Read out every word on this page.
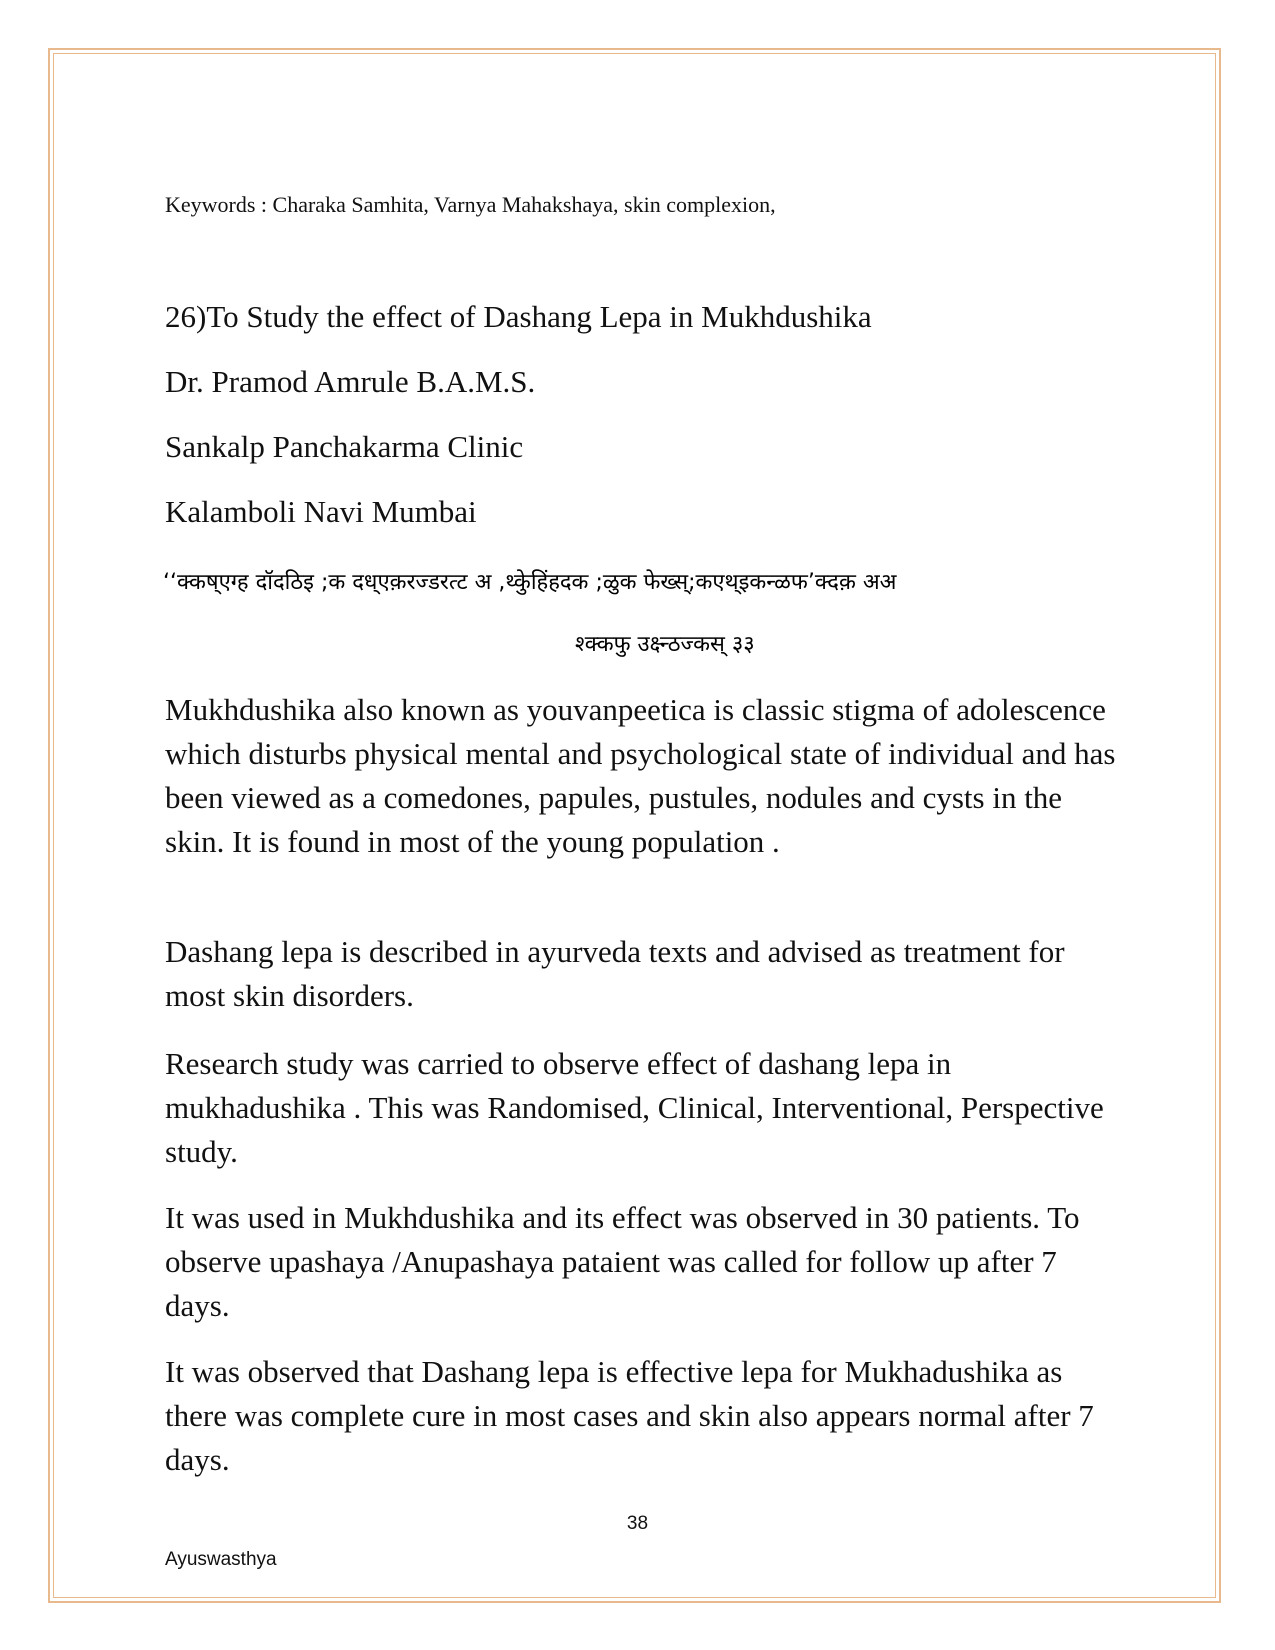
Keywords : Charaka Samhita, Varnya Mahakshaya, skin complexion,
26)To Study the effect of Dashang Lepa in Mukhdushika
Dr. Pramod Amrule B.A.M.S.
Sankalp Panchakarma Clinic
Kalamboli Navi Mumbai
‘‘क्कष्एग्ह दॉदठिइ ;क दध्एक़रज्डरत्ट अ ,थ्केुहिंहदक ;ळुक फेख्स्;कएथ्इकन्ळफ’क्दक़ अअ
श्क्कफु उक्ष्न्ठज्कस् ३३

Mukhdushika also known as youvanpeetica is classic stigma of adolescence which disturbs physical mental and psychological state of individual and has been viewed as a comedones, papules, pustules, nodules and cysts in the skin. It is found in most of the young population .

Dashang lepa is described in ayurveda texts and advised as treatment for most skin disorders.

Research study was carried to observe effect of dashang lepa in mukhadushika . This was Randomised, Clinical, Interventional, Perspective study.

It was used in Mukhdushika and its effect was observed in 30 patients. To observe upashaya /Anupashaya pataient was called for follow up after 7 days.

It was observed that Dashang lepa is effective lepa for Mukhadushika as there was complete cure in most cases and skin also appears normal after 7 days.

38
Ayuswasthya
